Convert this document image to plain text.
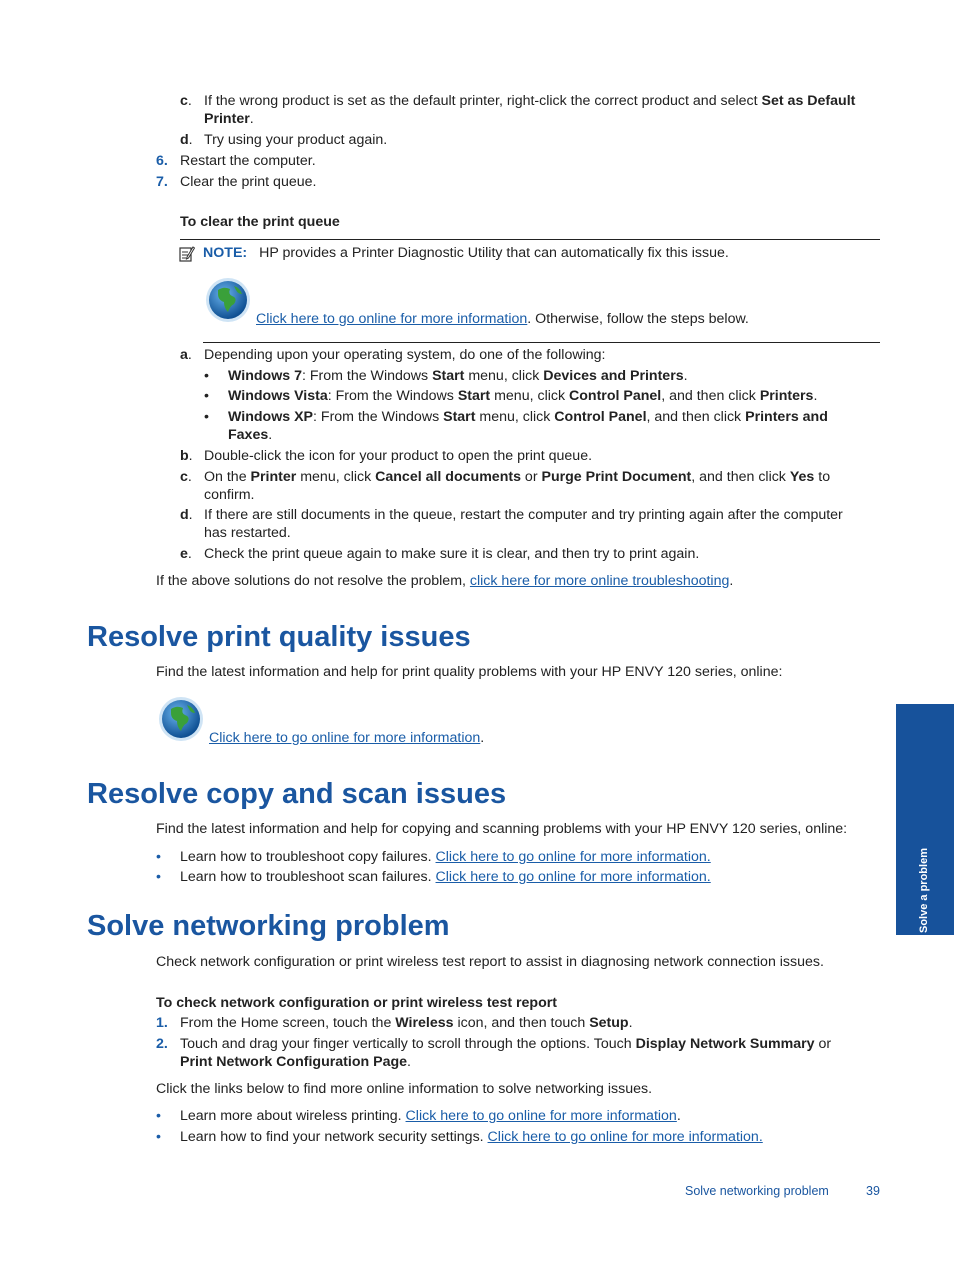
c. If the wrong product is set as the default printer, right-click the correct product and select Set as Default Printer.
d. Try using your product again.
6. Restart the computer.
7. Clear the print queue.
To clear the print queue
NOTE: HP provides a Printer Diagnostic Utility that can automatically fix this issue.
Click here to go online for more information. Otherwise, follow the steps below.
a. Depending upon your operating system, do one of the following:
• Windows 7: From the Windows Start menu, click Devices and Printers.
• Windows Vista: From the Windows Start menu, click Control Panel, and then click Printers.
• Windows XP: From the Windows Start menu, click Control Panel, and then click Printers and
Faxes.
b. Double-click the icon for your product to open the print queue.
c. On the Printer menu, click Cancel all documents or Purge Print Document, and then click Yes to
confirm.
d. If there are still documents in the queue, restart the computer and try printing again after the computer
has restarted.
e. Check the print queue again to make sure it is clear, and then try to print again.
If the above solutions do not resolve the problem, click here for more online troubleshooting.
Resolve print quality issues
Find the latest information and help for print quality problems with your HP ENVY 120 series, online:
Click here to go online for more information.
Resolve copy and scan issues
Find the latest information and help for copying and scanning problems with your HP ENVY 120 series, online:
• Learn how to troubleshoot copy failures. Click here to go online for more information.
• Learn how to troubleshoot scan failures. Click here to go online for more information.
Solve networking problem
Check network configuration or print wireless test report to assist in diagnosing network connection issues.
To check network configuration or print wireless test report
1. From the Home screen, touch the Wireless icon, and then touch Setup.
2. Touch and drag your finger vertically to scroll through the options. Touch Display Network Summary or
Print Network Configuration Page.
Click the links below to find more online information to solve networking issues.
• Learn more about wireless printing. Click here to go online for more information.
• Learn how to find your network security settings. Click here to go online for more information.
Solve a problem
Solve networking problem	39
